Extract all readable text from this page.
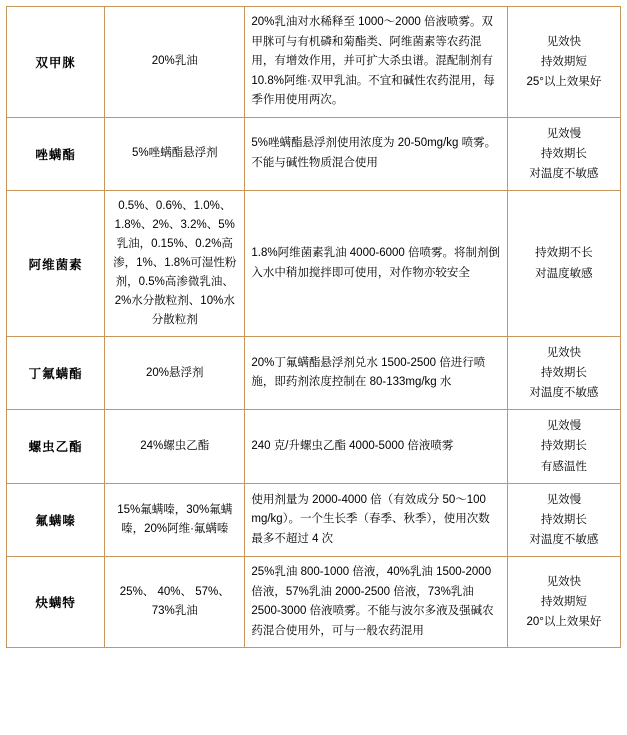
双甲脒	20%乳油	20%乳油对水稀释至 1000～2000 倍液喷雾。双甲脒可与有机磷和菊酯类、阿维菌素等农药混用，有增效作用，并可扩大杀虫谱。混配制剂有 10.8%阿维·双甲乳油。不宜和碱性农药混用，每季作用使用两次。	见效快
持效期短
25°以上效果好

唑螨酯	5%唑螨酯悬浮剂	5%唑螨酯悬浮剂使用浓度为 20-50mg/kg 喷雾。不能与碱性物质混合使用	见效慢
持效期长
对温度不敏感

阿维菌素	0.5%、0.6%、1.0%、1.8%、2%、3.2%、5%乳油，0.15%、0.2%高渗，1%、1.8%可湿性粉剂，0.5%高渗微乳油、2%水分散粒剂、10%水分散粒剂	1.8%阿维菌素乳油 4000-6000 倍喷雾。将制剂倒入水中稍加搅拌即可使用，对作物亦较安全	持效期不长
对温度敏感

丁氟螨酯	20%悬浮剂	20%丁氟螨酯悬浮剂兑水 1500-2500 倍进行喷施，即药剂浓度控制在 80-133mg/kg 水	见效快
持效期长
对温度不敏感

螺虫乙酯	24%螺虫乙酯	240 克/升螺虫乙酯 4000-5000 倍液喷雾	见效慢
持效期长
有感温性

氟螨嗪	15%氟螨嗪，30%氟螨嗪，20%阿维·氟螨嗪	使用剂量为 2000-4000 倍（有效成分 50～100 mg/kg）。一个生长季（春季、秋季），使用次数最多不超过 4 次	见效慢
持效期长
对温度不敏感

炔螨特	25%、 40%、 57%、73%乳油	25%乳油 800-1000 倍液，40%乳油 1500-2000 倍液，57%乳油 2000-2500 倍液，73%乳油 2500-3000 倍液喷雾。不能与波尔多液及强碱农药混合使用外，可与一般农药混用	见效快
持效期短
20°以上效果好
